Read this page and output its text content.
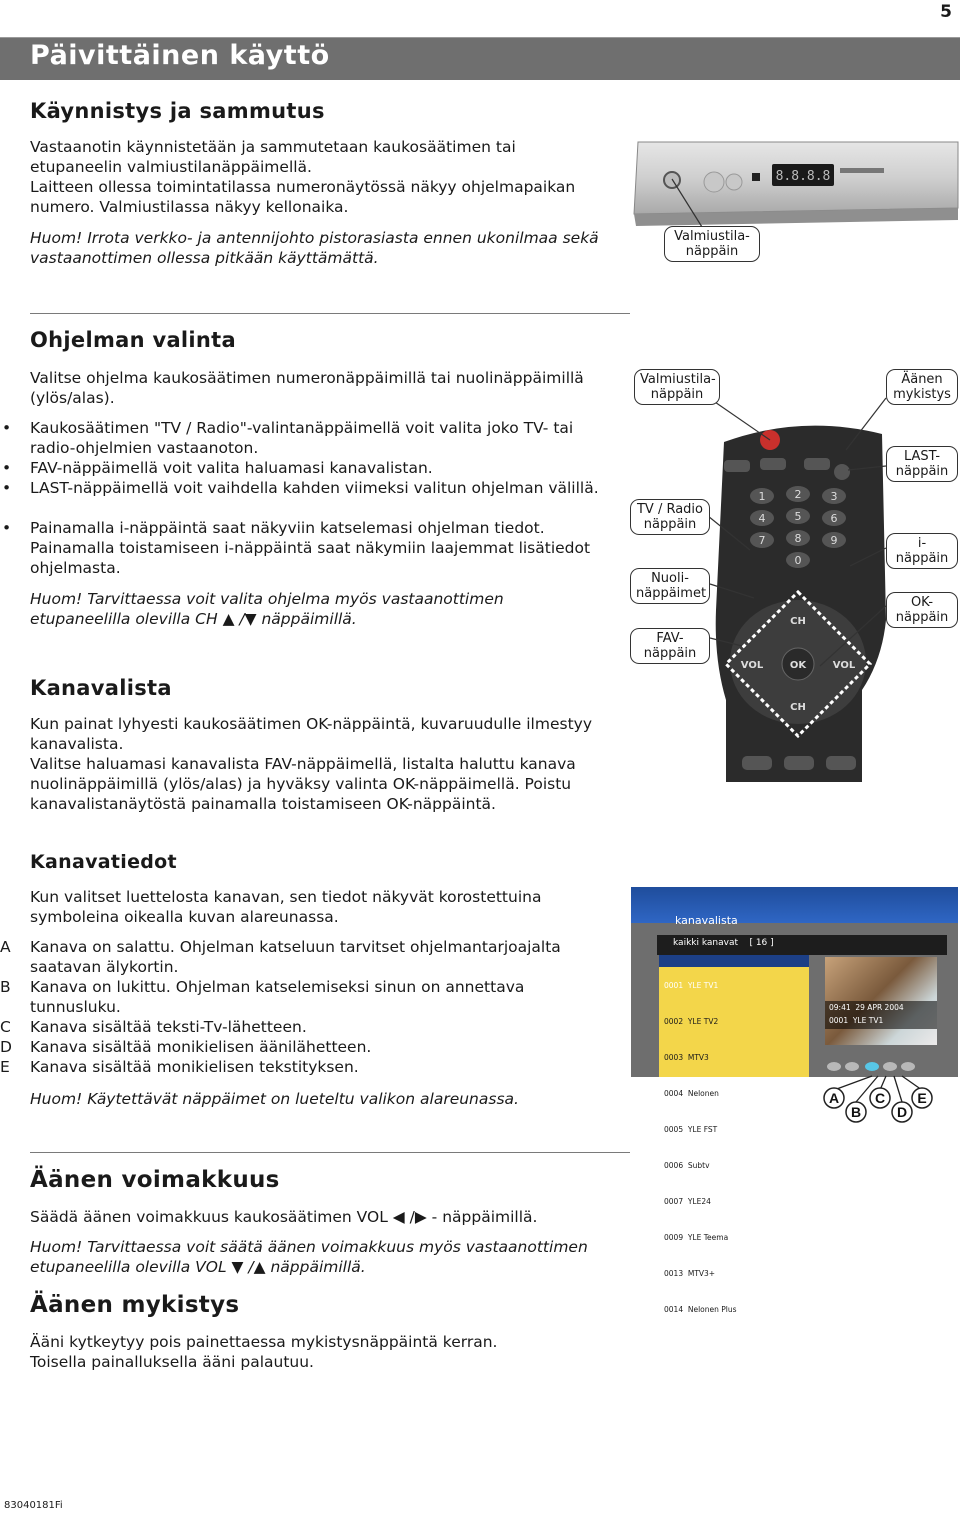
5
Päivittäinen käyttö
Käynnistys ja sammutus
Vastaanotin käynnistetään ja sammutetaan kaukosäätimen tai etupaneelin valmiustilanäppäimellä.
Laitteen ollessa toimintatilassa numeronäytössä näkyy ohjelmapaikan numero. Valmiustilassa näkyy kellonaika.
Huom! Irrota verkko- ja antennijohto pistorasiasta ennen ukonilmaa sekä vastaanottimen ollessa pitkään käyttämättä.
8.8.8.8
Valmiustila-
näppäin
Ohjelman valinta
Valitse ohjelma kaukosäätimen numeronäppäimillä tai nuolinäppäimillä (ylös/alas).
• Kaukosäätimen "TV / Radio"-valintanäppäimellä voit valita joko TV- tai radio-ohjelmien vastaanoton.
• FAV-näppäimellä voit valita haluamasi kanavalistan.
• LAST-näppäimellä voit vaihdella kahden viimeksi valitun ohjelman välillä.
• Painamalla i-näppäintä saat näkyviin katselemasi ohjelman tiedot.
Painamalla toistamiseen i-näppäintä saat näkymiin laajemmat lisätiedot ohjelmasta.
Huom! Tarvittaessa voit valita ohjelma myös vastaanottimen etupaneelilla olevilla CH ▲ /▼ näppäimillä.
1	2	3
4	5	6
7	8	9
0
OK
CH
CH
VOL	VOL
Valmiustila-
näppäin
Äänen
mykistys
LAST-
näppäin
TV / Radio
näppäin
i-
näppäin
Nuoli-
näppäimet
OK-
näppäin
FAV-
näppäin
Kanavalista
Kun painat lyhyesti kaukosäätimen OK-näppäintä, kuvaruudulle ilmestyy kanavalista.
Valitse haluamasi kanavalista FAV-näppäimellä, listalta haluttu kanava nuolinäppäimillä (ylös/alas) ja hyväksy valinta OK-näppäimellä. Poistu kanavalistanäytöstä painamalla toistamiseen OK-näppäintä.
Kanavatiedot
Kun valitset luettelosta kanavan, sen tiedot näkyvät korostettuina symboleina oikealla kuvan alareunassa.
A	Kanava on salattu. Ohjelman katseluun tarvitset ohjelmantarjoajalta saatavan älykortin.
B	Kanava on lukittu. Ohjelman katselemiseksi sinun on annettava tunnusluku.
C	Kanava sisältää teksti-Tv-lähetteen.
D	Kanava sisältää monikielisen äänilähetteen.
E	Kanava sisältää monikielisen tekstityksen.
Huom! Käytettävät näppäimet on lueteltu valikon alareunassa.
kanavalista
kaikki kanavat    [ 16 ]

0001  YLE TV1

0002  YLE TV2

0003  MTV3

0004  Nelonen

0005  YLE FST

0006  Subtv

0007  YLE24

0009  YLE Teema

0013  MTV3+

0014  Nelonen Plus

09:41  29 APR 2004
0001  YLE TV1
A
B
C
D
E
Äänen voimakkuus
Säädä äänen voimakkuus kaukosäätimen VOL ◀ /▶ - näppäimillä.
Huom! Tarvittaessa voit säätä äänen voimakkuus myös vastaanottimen etupaneelilla olevilla VOL ▼ /▲ näppäimillä.
Äänen mykistys
Ääni kytkeytyy pois painettaessa mykistysnäppäintä kerran.
Toisella painalluksella ääni palautuu.
83040181Fi
